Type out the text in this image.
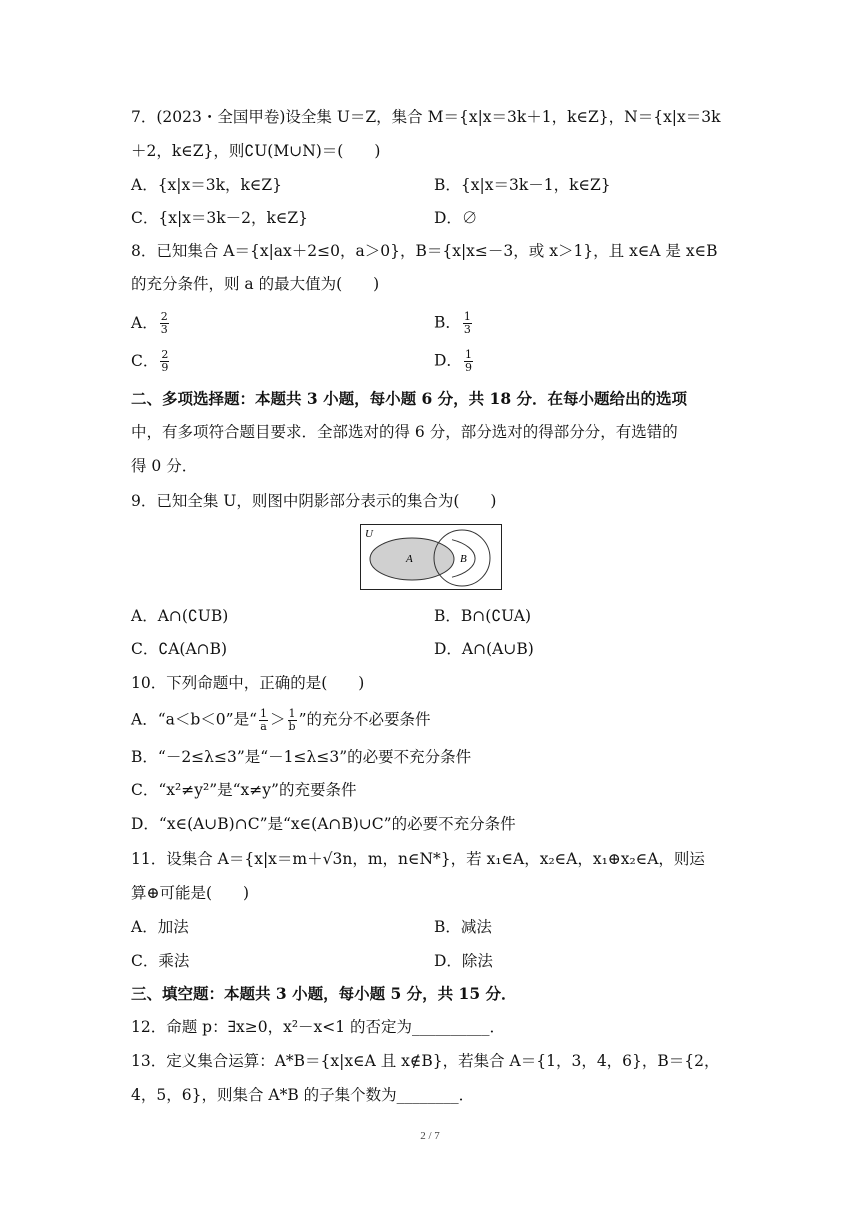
7．(2023・全国甲卷)设全集 U＝Z，集合 M＝{x|x＝3k＋1，k∈Z}，N＝{x|x＝3k
＋2，k∈Z}，则∁U(M∪N)＝(　　)
A．{x|x＝3k，k∈Z}	B．{x|x＝3k－1，k∈Z}
C．{x|x＝3k－2，k∈Z}	D．∅
8．已知集合 A＝{x|ax＋2≤0，a＞0}，B＝{x|x≤－3，或 x＞1}，且 x∈A 是 x∈B
的充分条件，则 a 的最大值为(　　)
A． $\frac{2}{3}$	B． $\frac{1}{3}$
C． $\frac{2}{9}$	D． $\frac{1}{9}$
二、多项选择题：本题共 3 小题，每小题 6 分，共 18 分．在每小题给出的选项
中，有多项符合题目要求．全部选对的得 6 分，部分选对的得部分分，有选错的
得 0 分．
9．已知全集 U，则图中阴影部分表示的集合为(　　)
U
A	B
A．A∩(∁UB)	B．B∩(∁UA)
C．∁A(A∩B)	D．A∩(A∪B)
10．下列命题中，正确的是(　　)
A．“a＜b＜0”是“ $\frac{1}{a} > \frac{1}{b}$ ”的充分不必要条件
B．“－2≤λ≤3”是“－1≤λ≤3”的必要不充分条件
C．“x²≠y²”是“x≠y”的充要条件
D．“x∈(A∪B)∩C”是“x∈(A∩B)∪C”的必要不充分条件
11．设集合 A＝{x|x＝m＋√3n，m，n∈N*}，若 x₁∈A，x₂∈A，x₁⊕x₂∈A，则运
算⊕可能是(　　)
A．加法	B．减法
C．乘法	D．除法
三、填空题：本题共 3 小题，每小题 5 分，共 15 分．
12．命题 p：∃x≥0，x²－x<1 的否定为__________．
13．定义集合运算：A*B＝{x|x∈A 且 x∉B}，若集合 A＝{1，3，4，6}，B＝{2，
4，5，6}，则集合 A*B 的子集个数为________．
2 / 7
